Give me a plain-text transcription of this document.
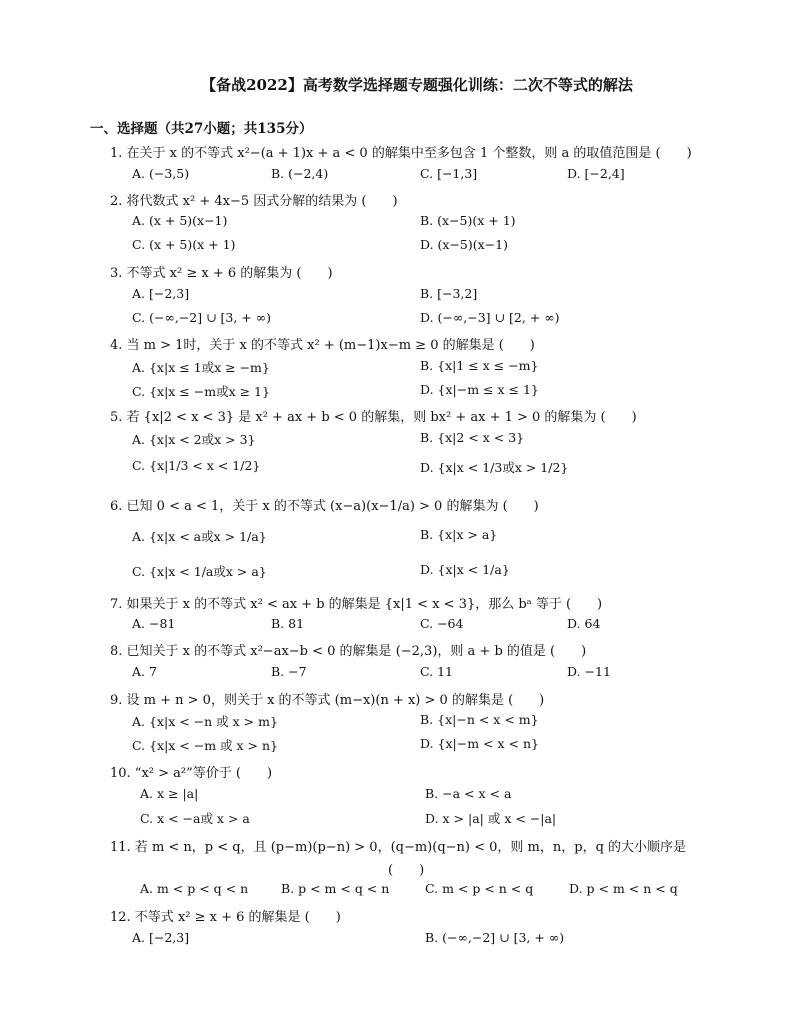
【备战2022】高考数学选择题专题强化训练：二次不等式的解法
一、选择题（共27小题；共135分）
1. 在关于 x 的不等式 x²−(a + 1)x + a < 0 的解集中至多包含 1 个整数，则 a 的取值范围是 (　　)
A. (−3,5)	B. (−2,4)	C. [−1,3]	D. [−2,4]
2. 将代数式 x² + 4x−5 因式分解的结果为 (　　)
A. (x + 5)(x−1)	B. (x−5)(x + 1)
C. (x + 5)(x + 1)	D. (x−5)(x−1)
3. 不等式 x² ≥ x + 6 的解集为 (　　)
A. [−2,3]	B. [−3,2]
C. (−∞,−2] ∪ [3, + ∞)	D. (−∞,−3] ∪ [2, + ∞)
4. 当 m > 1时，关于 x 的不等式 x² + (m−1)x−m ≥ 0 的解集是 (　　)
A. {x|x ≤ 1或x ≥ −m}	B. {x|1 ≤ x ≤ −m}
C. {x|x ≤ −m或x ≥ 1}	D. {x|−m ≤ x ≤ 1}
5. 若 {x|2 < x < 3} 是 x² + ax + b < 0 的解集，则 bx² + ax + 1 > 0 的解集为 (　　)
A. {x|x < 2或x > 3}	B. {x|2 < x < 3}
C. {x|1/3 < x < 1/2}	D. {x|x < 1/3或x > 1/2}
6. 已知 0 < a < 1，关于 x 的不等式 (x−a)(x−1/a) > 0 的解集为 (　　)
A. {x|x < a或x > 1/a}	B. {x|x > a}
C. {x|x < 1/a或x > a}	D. {x|x < 1/a}
7. 如果关于 x 的不等式 x² < ax + b 的解集是 {x|1 < x < 3}，那么 bᵃ 等于 (　　)
A. −81	B. 81	C. −64	D. 64
8. 已知关于 x 的不等式 x²−ax−b < 0 的解集是 (−2,3)，则 a + b 的值是 (　　)
A. 7	B. −7	C. 11	D. −11
9. 设 m + n > 0，则关于 x 的不等式 (m−x)(n + x) > 0 的解集是 (　　)
A. {x|x < −n 或 x > m}	B. {x|−n < x < m}
C. {x|x < −m 或 x > n}	D. {x|−m < x < n}
10. “x² > a²”等价于 (　　)
A. x ≥ |a|	B. −a < x < a
C. x < −a或 x > a	D. x > |a| 或 x < −|a|
11. 若 m < n，p < q，且 (p−m)(p−n) > 0，(q−m)(q−n) < 0，则 m，n，p，q 的大小顺序是
(　　)
A. m < p < q < n	B. p < m < q < n	C. m < p < n < q	D. p < m < n < q
12. 不等式 x² ≥ x + 6 的解集是 (　　)
A. [−2,3]	B. (−∞,−2] ∪ [3, + ∞)
